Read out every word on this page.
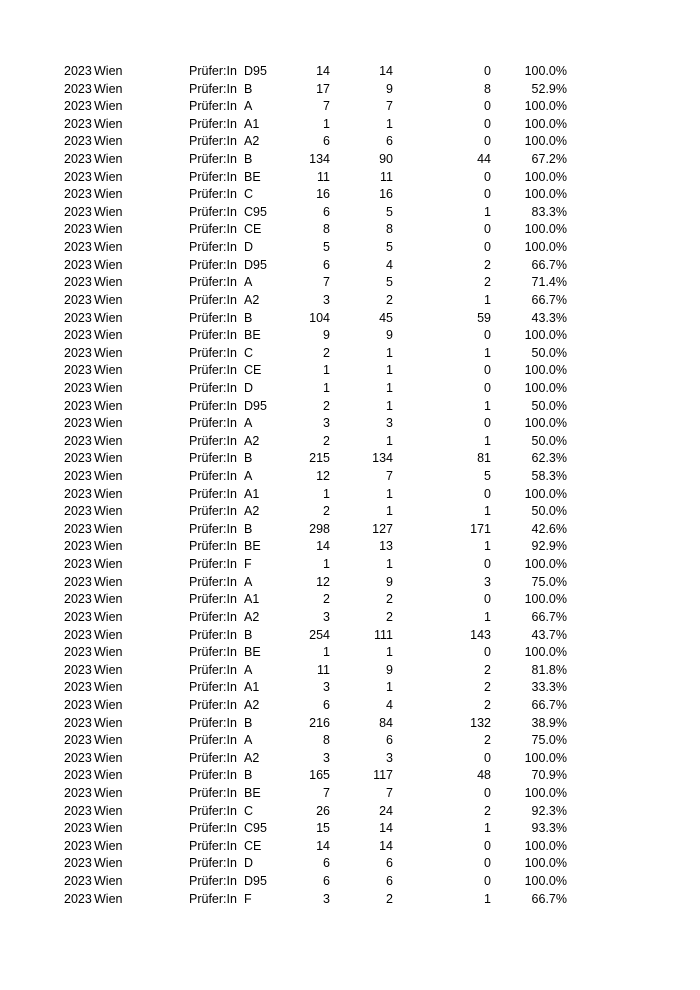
2023 Wien	Prüfer:In D95	14	14	0	100.0%
2023 Wien	Prüfer:In B	17	9	8	52.9%
2023 Wien	Prüfer:In A	7	7	0	100.0%
2023 Wien	Prüfer:In A1	1	1	0	100.0%
2023 Wien	Prüfer:In A2	6	6	0	100.0%
2023 Wien	Prüfer:In B	134	90	44	67.2%
2023 Wien	Prüfer:In BE	11	11	0	100.0%
2023 Wien	Prüfer:In C	16	16	0	100.0%
2023 Wien	Prüfer:In C95	6	5	1	83.3%
2023 Wien	Prüfer:In CE	8	8	0	100.0%
2023 Wien	Prüfer:In D	5	5	0	100.0%
2023 Wien	Prüfer:In D95	6	4	2	66.7%
2023 Wien	Prüfer:In A	7	5	2	71.4%
2023 Wien	Prüfer:In A2	3	2	1	66.7%
2023 Wien	Prüfer:In B	104	45	59	43.3%
2023 Wien	Prüfer:In BE	9	9	0	100.0%
2023 Wien	Prüfer:In C	2	1	1	50.0%
2023 Wien	Prüfer:In CE	1	1	0	100.0%
2023 Wien	Prüfer:In D	1	1	0	100.0%
2023 Wien	Prüfer:In D95	2	1	1	50.0%
2023 Wien	Prüfer:In A	3	3	0	100.0%
2023 Wien	Prüfer:In A2	2	1	1	50.0%
2023 Wien	Prüfer:In B	215	134	81	62.3%
2023 Wien	Prüfer:In A	12	7	5	58.3%
2023 Wien	Prüfer:In A1	1	1	0	100.0%
2023 Wien	Prüfer:In A2	2	1	1	50.0%
2023 Wien	Prüfer:In B	298	127	171	42.6%
2023 Wien	Prüfer:In BE	14	13	1	92.9%
2023 Wien	Prüfer:In F	1	1	0	100.0%
2023 Wien	Prüfer:In A	12	9	3	75.0%
2023 Wien	Prüfer:In A1	2	2	0	100.0%
2023 Wien	Prüfer:In A2	3	2	1	66.7%
2023 Wien	Prüfer:In B	254	111	143	43.7%
2023 Wien	Prüfer:In BE	1	1	0	100.0%
2023 Wien	Prüfer:In A	11	9	2	81.8%
2023 Wien	Prüfer:In A1	3	1	2	33.3%
2023 Wien	Prüfer:In A2	6	4	2	66.7%
2023 Wien	Prüfer:In B	216	84	132	38.9%
2023 Wien	Prüfer:In A	8	6	2	75.0%
2023 Wien	Prüfer:In A2	3	3	0	100.0%
2023 Wien	Prüfer:In B	165	117	48	70.9%
2023 Wien	Prüfer:In BE	7	7	0	100.0%
2023 Wien	Prüfer:In C	26	24	2	92.3%
2023 Wien	Prüfer:In C95	15	14	1	93.3%
2023 Wien	Prüfer:In CE	14	14	0	100.0%
2023 Wien	Prüfer:In D	6	6	0	100.0%
2023 Wien	Prüfer:In D95	6	6	0	100.0%
2023 Wien	Prüfer:In F	3	2	1	66.7%
